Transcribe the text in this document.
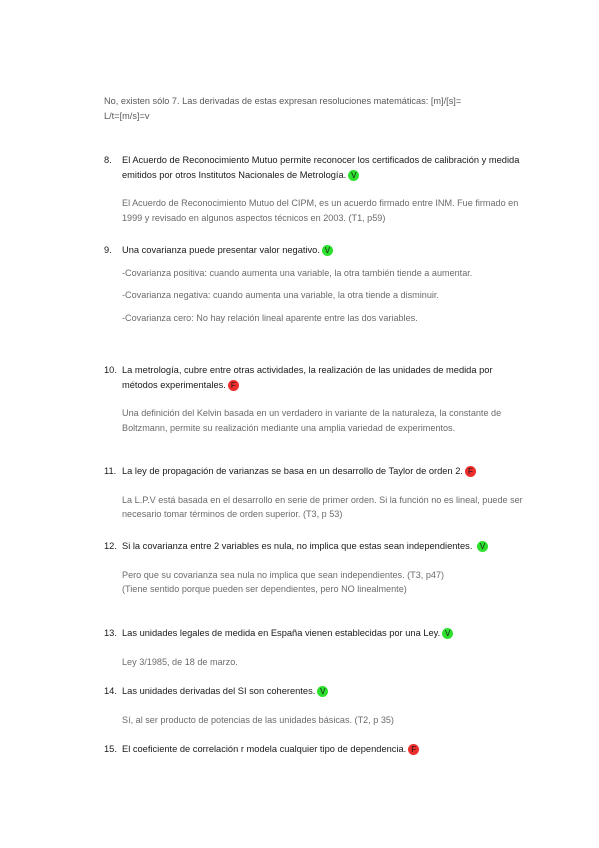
No, existen sólo 7. Las derivadas de estas expresan resoluciones matemáticas: [m]/[s]=
L/t=[m/s]=v
8.	El Acuerdo de Reconocimiento Mutuo permite reconocer los certificados de calibración y medida emitidos por otros Institutos Nacionales de Metrología. V

El Acuerdo de Reconocimiento Mutuo del CIPM, es un acuerdo firmado entre INM. Fue firmado en 1999 y revisado en algunos aspectos técnicos en 2003. (T1, p59)

9.	Una covarianza puede presentar valor negativo. V

-Covarianza positiva: cuando aumenta una variable, la otra también tiende a aumentar.

-Covarianza negativa: cuando aumenta una variable, la otra tiende a disminuir.

-Covarianza cero: No hay relación lineal aparente entre las dos variables.

10. La metrología, cubre entre otras actividades, la realización de las unidades de medida por métodos experimentales. F

Una definición del Kelvin basada en un verdadero in variante de la naturaleza, la constante de Boltzmann, permite su realización mediante una amplia variedad de experimentos.

11. La ley de propagación de varianzas se basa en un desarrollo de Taylor de orden 2. F

La L.P.V está basada en el desarrollo en serie de primer orden. Si la función no es lineal, puede ser necesario tomar términos de orden superior. (T3, p 53)

12. Si la covarianza entre 2 variables es nula, no implica que estas sean independientes. V

Pero que su covarianza sea nula no implica que sean independientes. (T3, p47)

(Tiene sentido porque pueden ser dependientes, pero NO linealmente)

13. Las unidades legales de medida en España vienen establecidas por una Ley. V

Ley 3/1985, de 18 de marzo.

14. Las unidades derivadas del SI son coherentes. V

Sí, al ser producto de potencias de las unidades básicas. (T2, p 35)

15. El coeficiente de correlación r modela cualquier tipo de dependencia. F
